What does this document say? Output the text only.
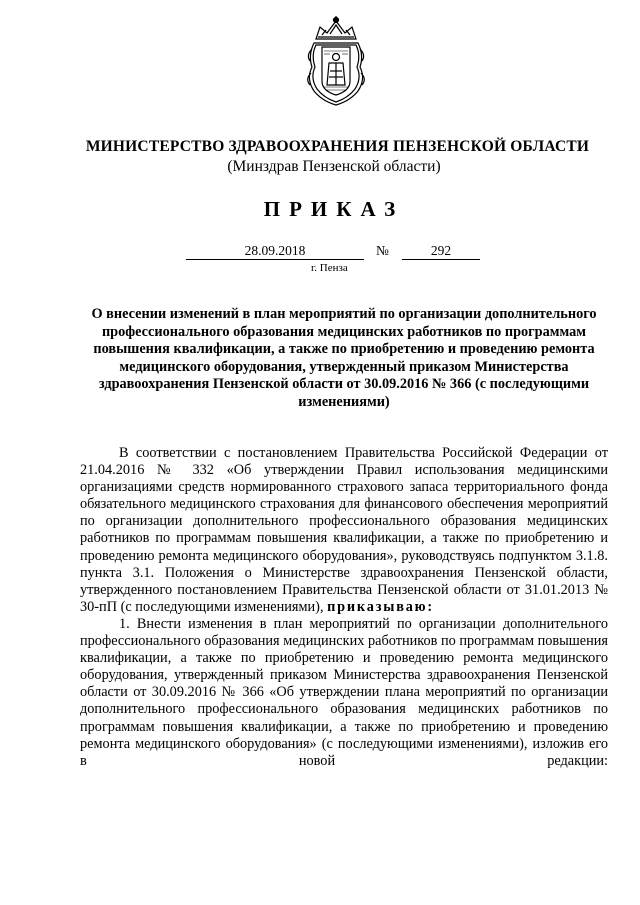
МИНИСТЕРСТВО ЗДРАВООХРАНЕНИЯ ПЕНЗЕНСКОЙ ОБЛАСТИ
(Минздрав Пензенской области)
ПРИКАЗ
28.09.2018	№	292
г. Пенза
О внесении изменений в план мероприятий по организации дополнительного профессионального образования медицинских работников по программам повышения квалификации, а также по приобретению и проведению ремонта медицинского оборудования, утвержденный приказом Министерства здравоохранения Пензенской области от 30.09.2016 № 366 (с последующими изменениями)

В соответствии с постановлением Правительства Российской Федерации от 21.04.2016 № 332 «Об утверждении Правил использования медицинскими организациями средств нормированного страхового запаса территориального фонда обязательного медицинского страхования для финансового обеспечения мероприятий по организации дополнительного профессионального образования медицинских работников по программам повышения квалификации, а также по приобретению и проведению ремонта медицинского оборудования», руководствуясь подпунктом 3.1.8. пункта 3.1. Положения о Министерстве здравоохранения Пензенской области, утвержденного постановлением Правительства Пензенской области от 31.01.2013 № 30-пП (с последующими изменениями), приказываю:

1. Внести изменения в план мероприятий по организации дополнительного профессионального образования медицинских работников по программам повышения квалификации, а также по приобретению и проведению ремонта медицинского оборудования, утвержденный приказом Министерства здравоохранения Пензенской области от 30.09.2016 № 366 «Об утверждении плана мероприятий по организации дополнительного профессионального образования медицинских работников по программам повышения квалификации, а также по приобретению и проведению ремонта медицинского оборудования» (с последующими изменениями), изложив его в новой редакции:
